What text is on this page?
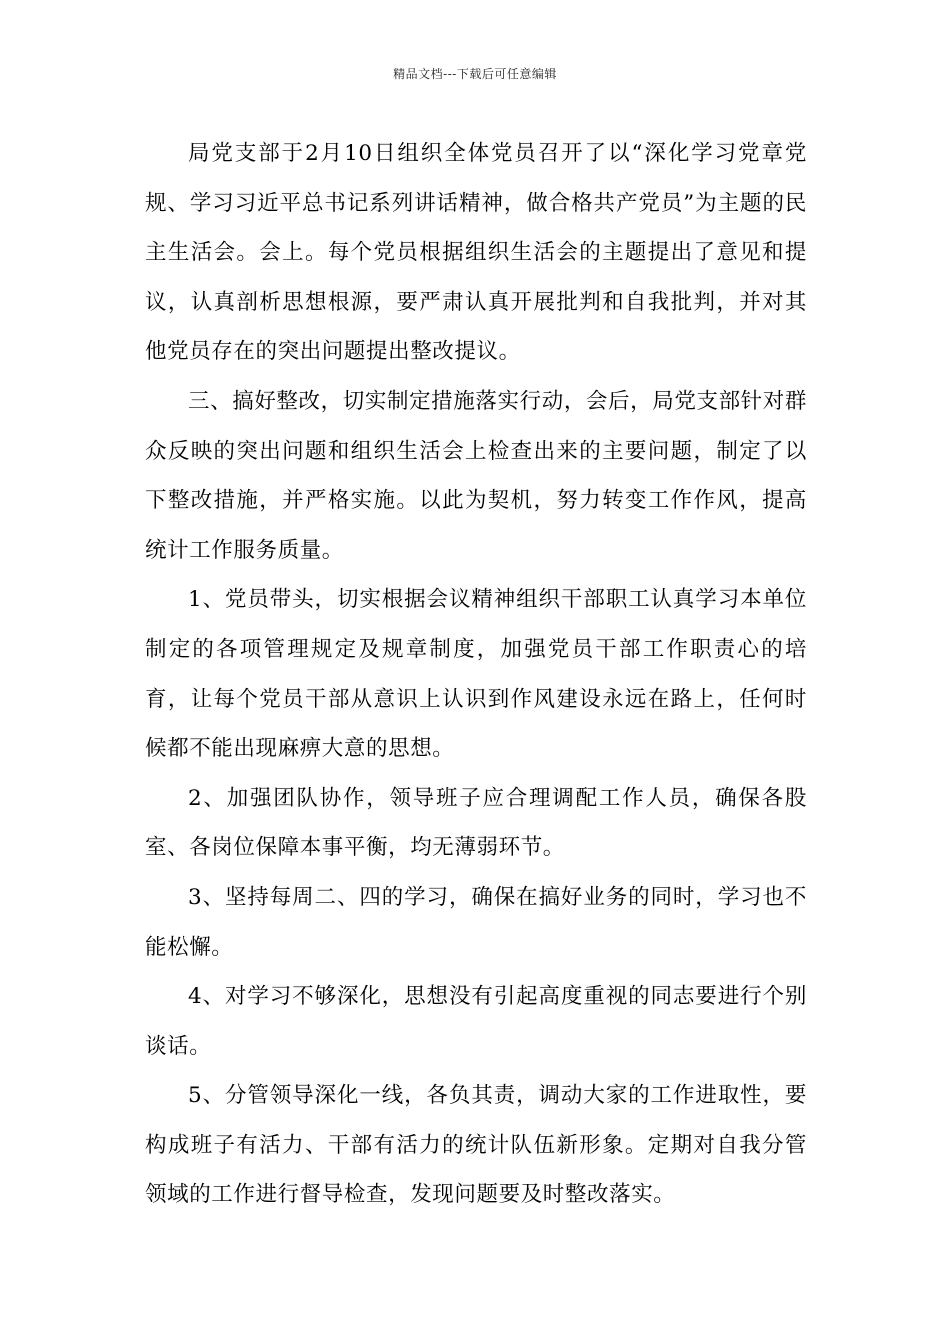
精品文档---下载后可任意编辑

局党支部于2月10日组织全体党员召开了以“深化学习党章党规、学习习近平总书记系列讲话精神，做合格共产党员”为主题的民主生活会。会上。每个党员根据组织生活会的主题提出了意见和提议，认真剖析思想根源，要严肃认真开展批判和自我批判，并对其他党员存在的突出问题提出整改提议。

三、搞好整改，切实制定措施落实行动，会后，局党支部针对群众反映的突出问题和组织生活会上检查出来的主要问题，制定了以下整改措施，并严格实施。以此为契机，努力转变工作作风，提高统计工作服务质量。

1、党员带头，切实根据会议精神组织干部职工认真学习本单位制定的各项管理规定及规章制度，加强党员干部工作职责心的培育，让每个党员干部从意识上认识到作风建设永远在路上，任何时候都不能出现麻痹大意的思想。

2、加强团队协作，领导班子应合理调配工作人员，确保各股室、各岗位保障本事平衡，均无薄弱环节。

3、坚持每周二、四的学习，确保在搞好业务的同时，学习也不能松懈。

4、对学习不够深化，思想没有引起高度重视的同志要进行个别谈话。

5、分管领导深化一线，各负其责，调动大家的工作进取性，要构成班子有活力、干部有活力的统计队伍新形象。定期对自我分管领域的工作进行督导检查，发现问题要及时整改落实。
